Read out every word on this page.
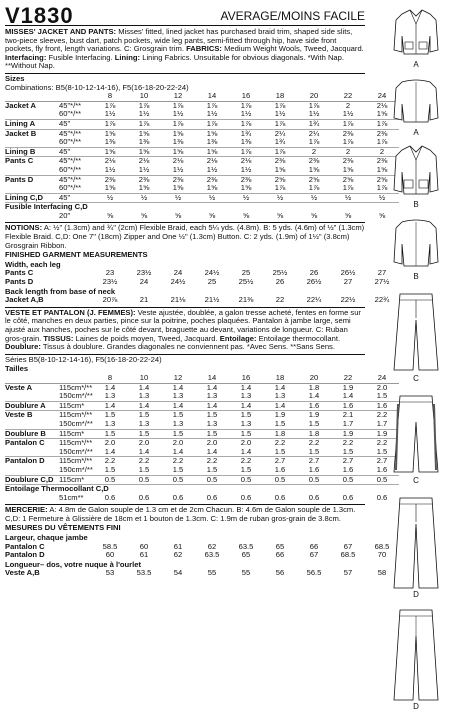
V1830	AVERAGE/MOINS FACILE
MISSES' JACKET AND PANTS: Misses' fitted, lined jacket has purchased braid trim, shaped side slits, two-piece sleeves, bust dart, patch pockets, wide leg pants, semi-fitted through hip, have side front pockets, fly front, length variations. C: Grosgrain trim. FABRICS: Medium Weight Wools, Tweed, Jacquard. Interfacing: Fusible Interfacing. Lining: Lining Fabrics. Unsuitable for obvious diagonals. *With Nap. **Without Nap.
Sizes
Combinations: B5(8-10-12-14-16), F5(16-18-20-22-24)
		8	10	12	14	16	18	20	22	24
Jacket A	45"*/**	1⅞	1⅞	1⅞	1⅞	1⅞	1⅞	1⅞	2	2⅛
	60"*/**	1½	1½	1½	1½	1½	1½	1½	1½	1⅝
Lining A	45"	1⅞	1⅞	1⅞	1⅞	1⅞	1⅞	1¾	1⅞	1⅞
Jacket B	45"*/**	1⅝	1⅝	1⅝	1⅝	1¾	2¼	2¼	2⅜	2⅜
	60"*/**	1⅜	1⅜	1⅜	1⅜	1⅜	1¾	1⅞	1⅞	1⅞
Lining B	45"	1⅝	1⅝	1⅝	1⅝	1⅞	1⅞	2	2	2
Pants C	45"*/**	2⅛	2⅛	2⅛	2⅛	2⅛	2⅜	2⅜	2⅜	2⅜
	60"*/**	1½	1½	1½	1½	1½	1⅝	1⅝	1⅝	1⅝
Pants D	45"*/**	2⅜	2⅜	2⅜	2⅜	2⅜	2⅝	2⅝	2⅝	2⅝
	60"*/**	1⅝	1⅝	1⅝	1⅝	1⅝	1⅞	1⅞	1⅞	1⅞
Lining C,D	45"	½	½	½	½	½	½	½	½	½
Fusible Interfacing C,D										
	20"	⅝	⅝	⅝	⅝	⅝	⅝	⅝	⅝	⅝
NOTIONS: A: ½" (1.3cm) and ¾" (2cm) Flexible Braid, each 5¼ yds. (4.8m). B: 5 yds. (4.6m) of ½" (1.3cm) Flexible Braid. C,D: One 7" (18cm) Zipper and One ½" (1.3cm) Button. C: 2 yds. (1.9m) of 1½" (3.8cm) Grosgrain Ribbon.
FINISHED GARMENT MEASUREMENTS
Width, each leg
Pants C		23	23½	24	24½	25	25½	26	26½	27
Pants D		23½	24	24½	25	25½	26	26½	27	27½
Back length from base of neck
Jacket A,B		20⅞	21	21⅛	21½	21⅜	22	22¼	22½	22¾
VESTE ET PANTALON (J. FEMMES): Veste ajustée, doublée, a galon tresse acheté, fentes en forme sur le côté, manches en deux parties, pince sur la poitrine, poches plaquées. Pantalon à jambe large, semi ajusté aux hanches, poches sur le côté devant, braguette au devant, variations de longueur. C: Ruban gros-grain. TISSUS: Laines de poids moyen, Tweed, Jacquard. Entoilage: Entoilage thermocollant. Doublure: Tissus à doublure. Grandes diagonales ne conviennent pas. *Avec Sens. **Sans Sens.
Séries B5(8-10-12-14-16), F5(16-18-20-22-24)
Tailles
		8	10	12	14	16	18	20	22	24
Veste A	115cm*/**	1.4	1.4	1.4	1.4	1.4	1.4	1.8	1.9	2.0
	150cm*/**	1.3	1.3	1.3	1.3	1.3	1.3	1.4	1.4	1.5
Doublure A	115cm*	1.4	1.4	1.4	1.4	1.4	1.4	1.6	1.6	1.6
Veste B	115cm*/**	1.5	1.5	1.5	1.5	1.5	1.9	1.9	2.1	2.2
	150cm*/**	1.3	1.3	1.3	1.3	1.3	1.5	1.5	1.7	1.7
Doublure B	115cm*	1.5	1.5	1.5	1.5	1.5	1.8	1.8	1.9	1.9
Pantalon C	115cm*/**	2.0	2.0	2.0	2.0	2.0	2.2	2.2	2.2	2.2
	150cm*/**	1.4	1.4	1.4	1.4	1.4	1.5	1.5	1.5	1.5
Pantalon D	115cm*/**	2.2	2.2	2.2	2.2	2.2	2.7	2.7	2.7	2.7
	150cm*/**	1.5	1.5	1.5	1.5	1.5	1.6	1.6	1.6	1.6
Doublure C,D	115cm*	0.5	0.5	0.5	0.5	0.5	0.5	0.5	0.5	0.5
Entoilage Thermocollant C,D										
	51cm**	0.6	0.6	0.6	0.6	0.6	0.6	0.6	0.6	0.6
MERCERIE: A: 4.8m de Galon souple de 1.3 cm et de 2cm Chacun. B: 4.6m de Galon souple de 1.3cm. C,D: 1 Fermeture à Glissière de 18cm et 1 bouton de 1.3cm. C: 1.9m de ruban gros-grain de 3.8cm.
MESURES DU VÊTEMENTS FINI
Largeur, chaque jambe
Pantalon C		58.5	60	61	62	63.5	65	66	67	68.5
Pantalon D		60	61	62	63.5	65	66	67	68.5	70
Longueur– dos, votre nuque à l'ourlet
Veste A,B		53	53.5	54	55	55	56	56.5	57	58
A
A
B
B
C
C
D
D
